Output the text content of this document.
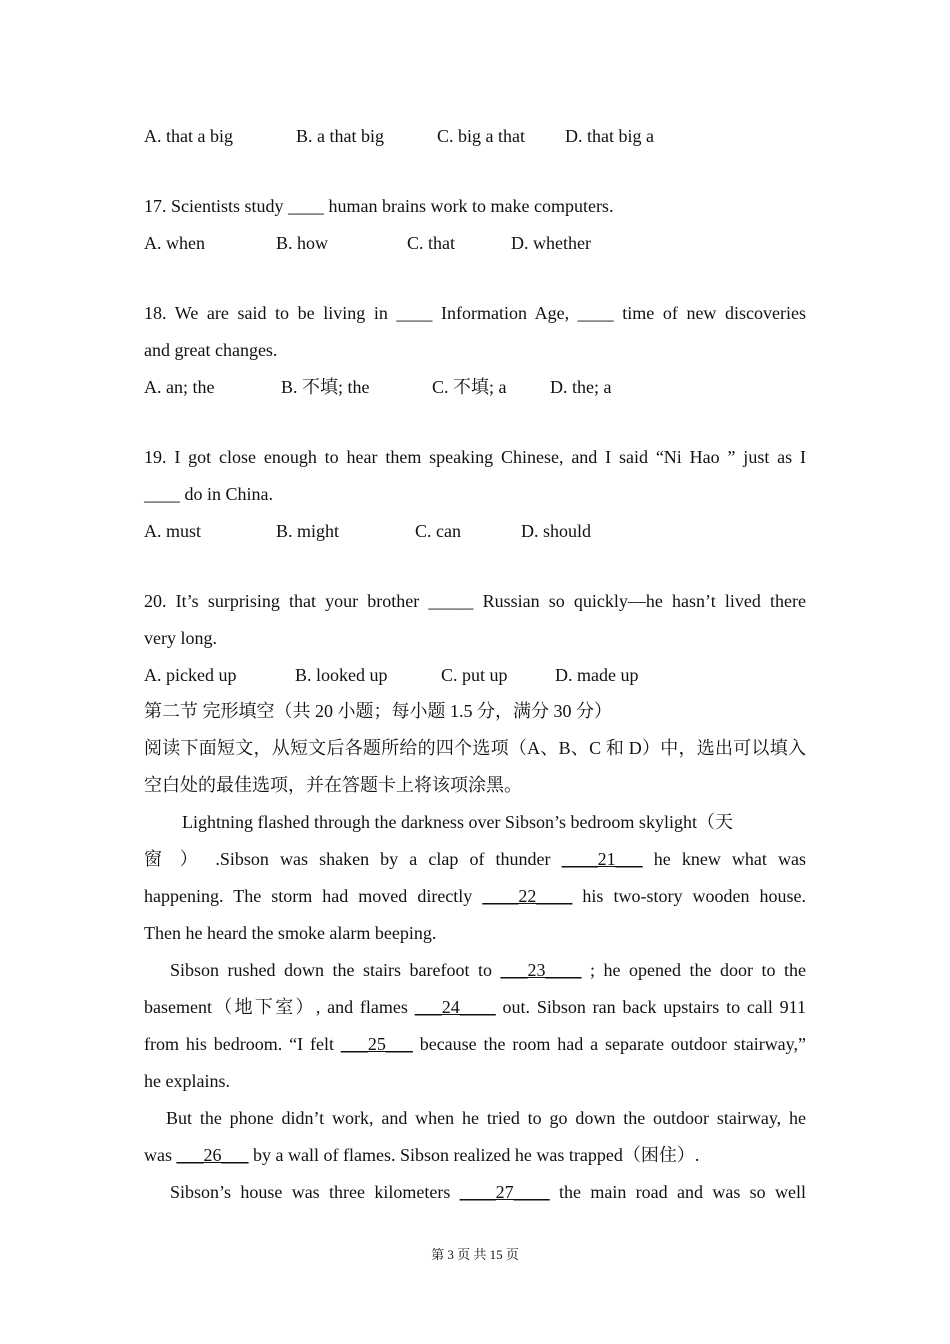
A. that a big	B. a that big	C. big a that D. that big a
17. Scientists study ____ human brains work to make computers.
A. when	B. how	C. that	D. whether
18. We are said to be living in ____ Information Age, ____ time of new discoveries
and great changes.
A. an; the	B. 不填; the	C. 不填; a D. the; a
19. I got close enough to hear them speaking Chinese, and I said “Ni Hao ” just as I
____ do in China.
A. must	B. might	C. can	D. should
20. It’s surprising that your brother _____ Russian so quickly—he hasn’t lived there
very long.
A. picked up	B. looked up	C. put up	D. made up
第二节 完形填空（共 20 小题；每小题 1.5 分，满分 30 分）
阅读下面短文，从短文后各题所给的四个选项（A、B、C 和 D）中，选出可以填入
空白处的最佳选项，并在答题卡上将该项涂黑。
Lightning flashed through the darkness over Sibson’s bedroom skylight（天
窗 ） .Sibson was shaken by a clap of thunder ____21___ he knew what was
happening. The storm had moved directly ____22____ his two-story wooden house.
Then he heard the smoke alarm beeping.
Sibson rushed down the stairs barefoot to ___23____ ; he opened the door to the
basement（地下室）, and flames ___24____ out. Sibson ran back upstairs to call 911
from his bedroom. “I felt ___25___ because the room had a separate outdoor stairway,”
he explains.
But the phone didn’t work, and when he tried to go down the outdoor stairway, he
was ___26___ by a wall of flames. Sibson realized he was trapped（困住）.
Sibson’s house was three kilometers ____27____ the main road and was so well
第 3 页 共 15 页
